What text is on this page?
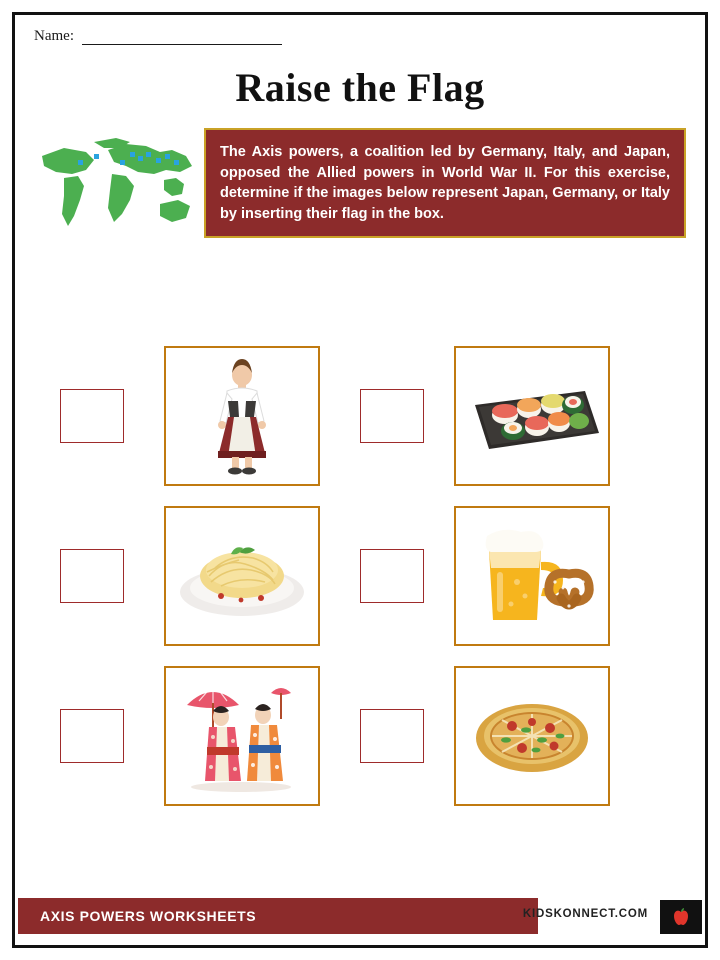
Name:
Raise the Flag
The Axis powers, a coalition led by Germany, Italy, and Japan, opposed the Allied powers in World War II. For this exercise, determine if the images below represent Japan, Germany, or Italy by inserting their flag in the box.
AXIS POWERS WORKSHEETS	KIDSKONNECT.COM
